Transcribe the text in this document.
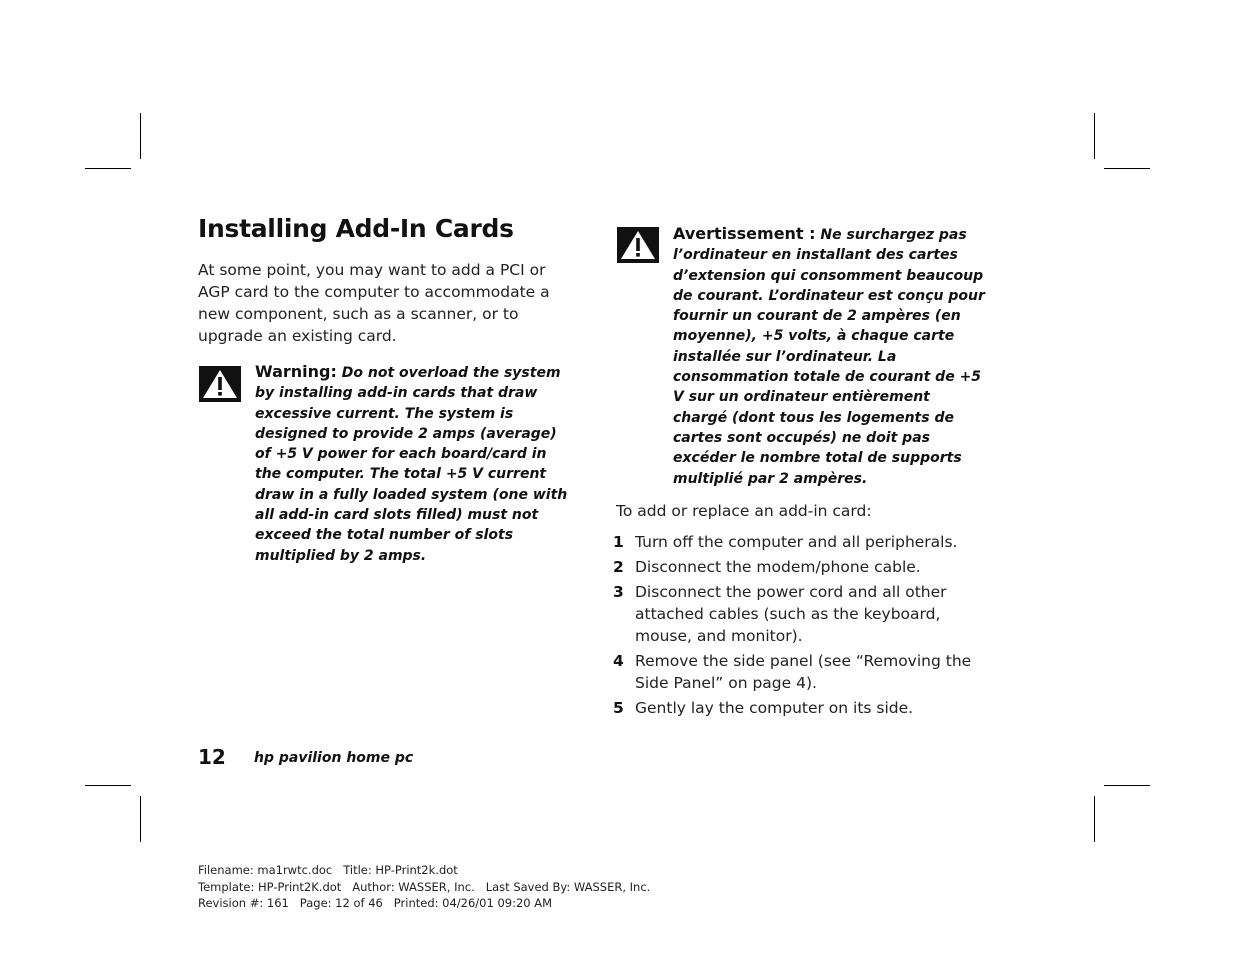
Installing Add-In Cards

At some point, you may want to add a PCI or AGP card to the computer to accommodate a new component, such as a scanner, or to upgrade an existing card.

Warning: Do not overload the system by installing add-in cards that draw excessive current. The system is designed to provide 2 amps (average) of +5 V power for each board/card in the computer. The total +5 V current draw in a fully loaded system (one with all add-in card slots filled) must not exceed the total number of slots multiplied by 2 amps.

Avertissement : Ne surchargez pas l’ordinateur en installant des cartes d’extension qui consomment beaucoup de courant. L’ordinateur est conçu pour fournir un courant de 2 ampères (en moyenne), +5 volts, à chaque carte installée sur l’ordinateur. La consommation totale de courant de +5 V sur un ordinateur entièrement chargé (dont tous les logements de cartes sont occupés) ne doit pas excéder le nombre total de supports multiplié par 2 ampères.

To add or replace an add-in card:

1 Turn off the computer and all peripherals.
2 Disconnect the modem/phone cable.
3 Disconnect the power cord and all other attached cables (such as the keyboard, mouse, and monitor).
4 Remove the side panel (see “Removing the Side Panel” on page 4).
5 Gently lay the computer on its side.
12 hp pavilion home pc
Filename: ma1rwtc.doc   Title: HP-Print2k.dot
Template: HP-Print2K.dot   Author: WASSER, Inc.   Last Saved By: WASSER, Inc.
Revision #: 161   Page: 12 of 46   Printed: 04/26/01 09:20 AM
